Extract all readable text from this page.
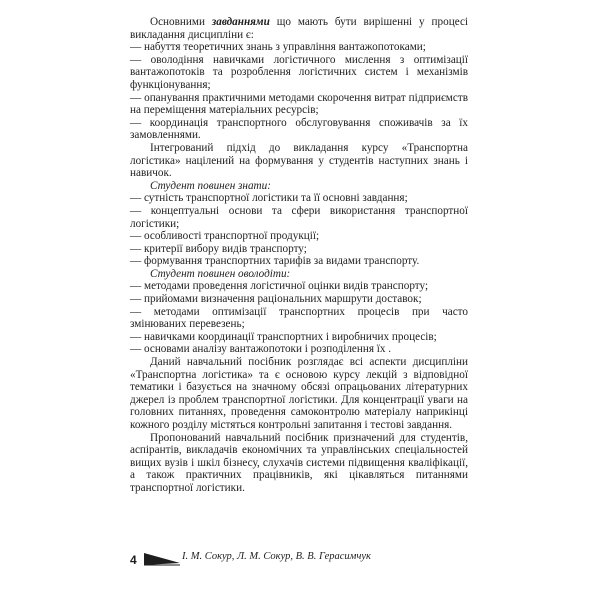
Основними завданнями що мають бути вирішенні у процесі викладання дисципліни є:

— набуття теоретичних знань з управління вантажопотоками;

— оволодіння навичками логістичного мислення з оптимізації вантажопотоків та розроблення логістичних систем і механізмів функціонування;

— опанування практичними методами скорочення витрат підприємств на переміщення матеріальних ресурсів;

— координація транспортного обслуговування споживачів за їх замовленнями.

Інтегрований підхід до викладання курсу «Транспортна логістика» націлений на формування у студентів наступних знань і навичок.

Студент повинен знати:

— сутність транспортної логістики та її основні завдання;

— концептуальні основи та сфери використання транспортної логістики;

— особливості транспортної продукції;

— критерії вибору видів транспорту;

— формування транспортних тарифів за видами транспорту.

Студент повинен оволодіти:

— методами проведення логістичної оцінки видів транспорту;

— прийомами визначення раціональних маршрути доставок;

— методами оптимізації транспортних процесів при часто змінюваних перевезень;

— навичками координації транспортних і виробничих процесів;

— основами аналізу вантажопотоки і розподілення їх .

Даний навчальний посібник розглядає всі аспекти дисципліни «Транспортна логістика» та є основою курсу лекцій з відповідної тематики і базується на значному обсязі опрацьованих літературних джерел із проблем транспортної логістики. Для концентрації уваги на головних питаннях, проведення самоконтролю матеріалу наприкінці кожного розділу містяться контрольні запитання і тестові завдання.

Пропонований навчальний посібник призначений для студентів, аспірантів, викладачів економічних та управлінських спеціальностей вищих вузів і шкіл бізнесу, слухачів системи підвищення кваліфікації, а також практичних працівників, які цікавляться питаннями транспортної логістики.

4	І. М. Сокур, Л. М. Сокур, В. В. Герасимчук
